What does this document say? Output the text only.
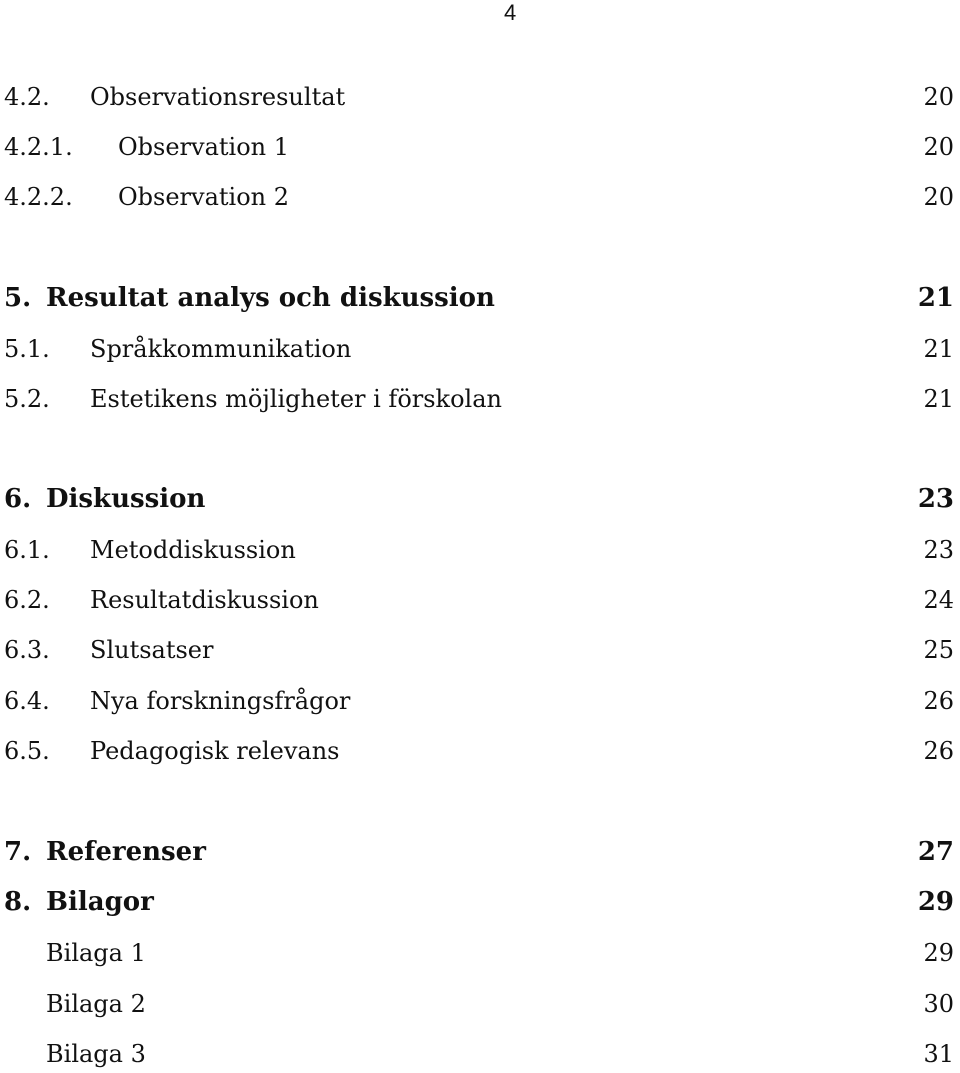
4
4.2.	Observationsresultat	20
4.2.1.	Observation 1	20
4.2.2.	Observation 2	20
5. Resultat analys och diskussion	21
5.1.	Språkkommunikation	21
5.2.	Estetikens möjligheter i förskolan	21
6. Diskussion	23
6.1.	Metoddiskussion	23
6.2.	Resultatdiskussion	24
6.3.	Slutsatser	25
6.4.	Nya forskningsfrågor	26
6.5.	Pedagogisk relevans	26
7. Referenser	27
8. Bilagor	29
Bilaga 1	29
Bilaga 2	30
Bilaga 3	31
